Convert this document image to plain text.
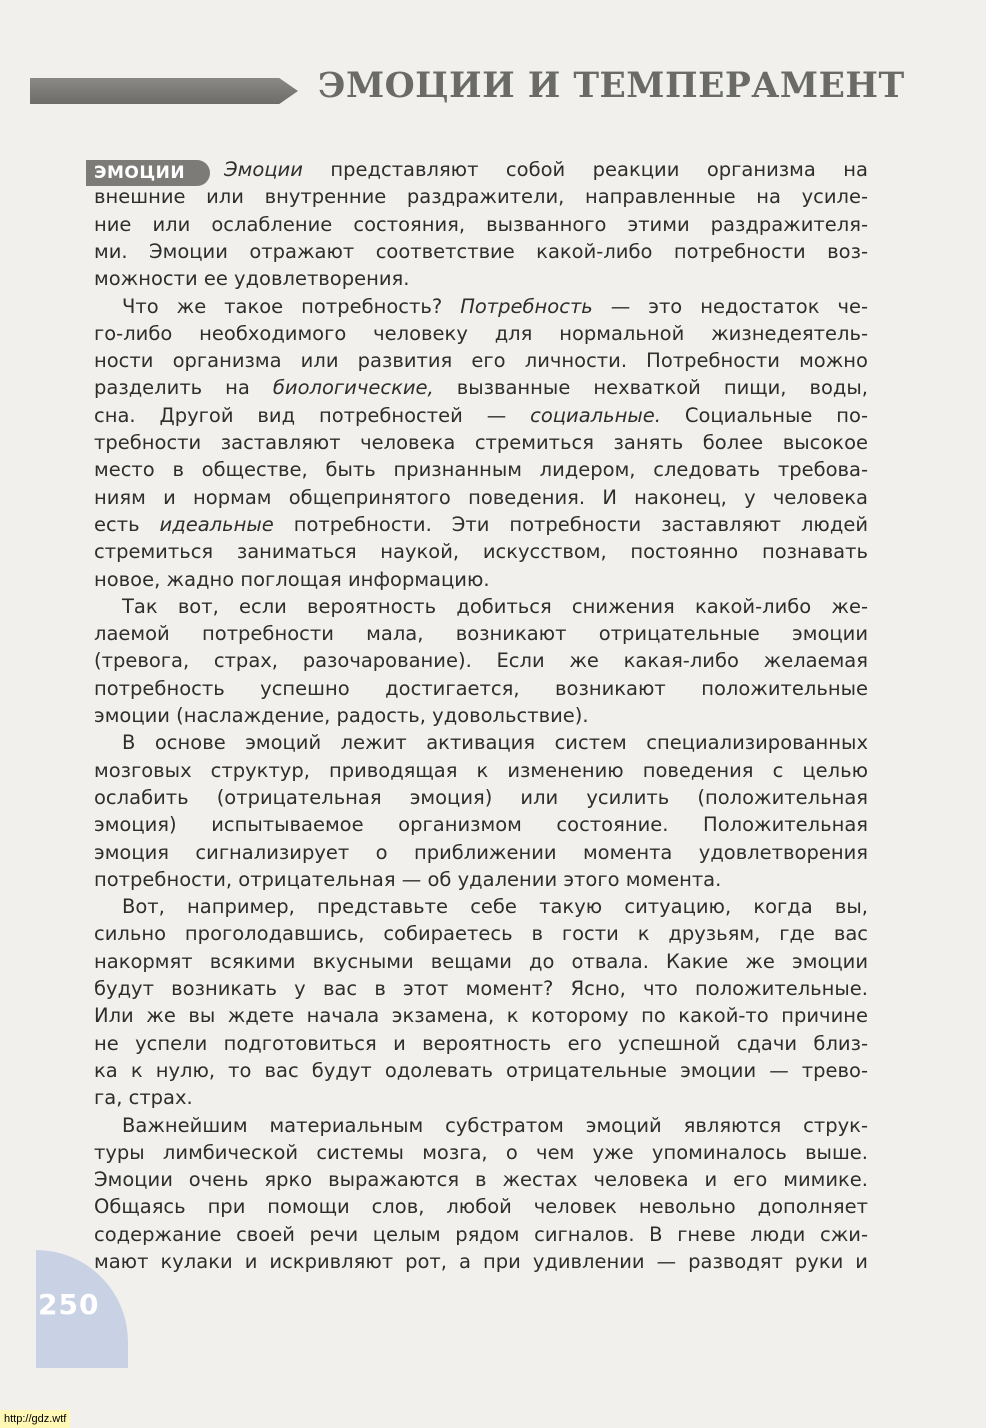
ЭМОЦИИ И ТЕМПЕРАМЕНТ
ЭМОЦИИ	Эмоции представляют собой реакции организма на
внешние или внутренние раздражители, направленные на усиле-
ние или ослабление состояния, вызванного этими раздражителя-
ми. Эмоции отражают соответствие какой-либо потребности воз-
можности ее удовлетворения.
Что же такое потребность? Потребность — это недостаток че-
го-либо необходимого человеку для нормальной жизнедеятель-
ности организма или развития его личности. Потребности можно
разделить на биологические, вызванные нехваткой пищи, воды,
сна. Другой вид потребностей — социальные. Социальные по-
требности заставляют человека стремиться занять более высокое
место в обществе, быть признанным лидером, следовать требова-
ниям и нормам общепринятого поведения. И наконец, у человека
есть идеальные потребности. Эти потребности заставляют людей
стремиться заниматься наукой, искусством, постоянно познавать
новое, жадно поглощая информацию.
Так вот, если вероятность добиться снижения какой-либо же-
лаемой потребности мала, возникают отрицательные эмоции
(тревога, страх, разочарование). Если же какая-либо желаемая
потребность успешно достигается, возникают положительные
эмоции (наслаждение, радость, удовольствие).
В основе эмоций лежит активация систем специализированных
мозговых структур, приводящая к изменению поведения с целью
ослабить (отрицательная эмоция) или усилить (положительная
эмоция) испытываемое организмом состояние. Положительная
эмоция сигнализирует о приближении момента удовлетворения
потребности, отрицательная — об удалении этого момента.
Вот, например, представьте себе такую ситуацию, когда вы,
сильно проголодавшись, собираетесь в гости к друзьям, где вас
накормят всякими вкусными вещами до отвала. Какие же эмоции
будут возникать у вас в этот момент? Ясно, что положительные.
Или же вы ждете начала экзамена, к которому по какой-то причине
не успели подготовиться и вероятность его успешной сдачи близ-
ка к нулю, то вас будут одолевать отрицательные эмоции — трево-
га, страх.
Важнейшим материальным субстратом эмоций являются струк-
туры лимбической системы мозга, о чем уже упоминалось выше.
Эмоции очень ярко выражаются в жестах человека и его мимике.
Общаясь при помощи слов, любой человек невольно дополняет
содержание своей речи целым рядом сигналов. В гневе люди сжи-
мают кулаки и искривляют рот, а при удивлении — разводят руки и
250
http://gdz.wtf
